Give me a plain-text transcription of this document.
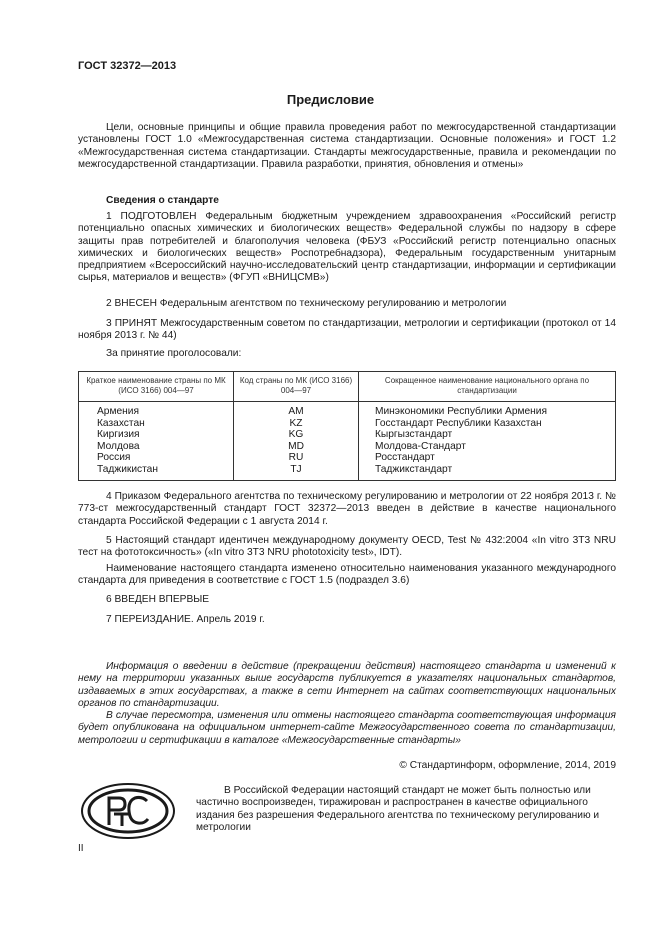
ГОСТ 32372—2013
Предисловие
Цели, основные принципы и общие правила проведения работ по межгосударственной стандартизации установлены ГОСТ 1.0 «Межгосударственная система стандартизации. Основные положения» и ГОСТ 1.2 «Межгосударственная система стандартизации. Стандарты межгосударственные, правила и рекомендации по межгосударственной стандартизации. Правила разработки, принятия, обновления и отмены»
Сведения о стандарте
1 ПОДГОТОВЛЕН Федеральным бюджетным учреждением здравоохранения «Российский регистр потенциально опасных химических и биологических веществ» Федеральной службы по надзору в сфере защиты прав потребителей и благополучия человека (ФБУЗ «Российский регистр потенциально опасных химических и биологических веществ» Роспотребнадзора), Федеральным государственным унитарным предприятием «Всероссийский научно-исследовательский центр стандартизации, информации и сертификации сырья, материалов и веществ» (ФГУП «ВНИЦСМВ»)
2 ВНЕСЕН Федеральным агентством по техническому регулированию и метрологии
3 ПРИНЯТ Межгосударственным советом по стандартизации, метрологии и сертификации (протокол от 14 ноября 2013 г. № 44)
За принятие проголосовали:
Краткое наименование страны по МК (ИСО 3166) 004—97	Код страны по МК (ИСО 3166) 004—97	Сокращенное наименование национального органа по стандартизации
Армения	AM	Минэкономики Республики Армения
Казахстан	KZ	Госстандарт Республики Казахстан
Киргизия	KG	Кыргызстандарт
Молдова	MD	Молдова-Стандарт
Россия	RU	Росстандарт
Таджикистан	TJ	Таджикстандарт
4 Приказом Федерального агентства по техническому регулированию и метрологии от 22 ноября 2013 г. № 773-ст межгосударственный стандарт ГОСТ 32372—2013 введен в действие в качестве национального стандарта Российской Федерации с 1 августа 2014 г.
5 Настоящий стандарт идентичен международному документу OECD, Test № 432:2004 «In vitro 3T3 NRU тест на фототоксичность» («In vitro 3T3 NRU phototoxicity test», IDT).
Наименование настоящего стандарта изменено относительно наименования указанного международного стандарта для приведения в соответствие с ГОСТ 1.5 (подраздел 3.6)
6 ВВЕДЕН ВПЕРВЫЕ
7 ПЕРЕИЗДАНИЕ. Апрель 2019 г.
Информация о введении в действие (прекращении действия) настоящего стандарта и изменений к нему на территории указанных выше государств публикуется в указателях национальных стандартов, издаваемых в этих государствах, а также в сети Интернет на сайтах соответствующих национальных органов по стандартизации.
В случае пересмотра, изменения или отмены настоящего стандарта соответствующая информация будет опубликована на официальном интернет-сайте Межгосударственного совета по стандартизации, метрологии и сертификации в каталоге «Межгосударственные стандарты»
© Стандартинформ, оформление, 2014, 2019
В Российской Федерации настоящий стандарт не может быть полностью или частично воспроизведен, тиражирован и распространен в качестве официального издания без разрешения Федерального агентства по техническому регулированию и метрологии
II
